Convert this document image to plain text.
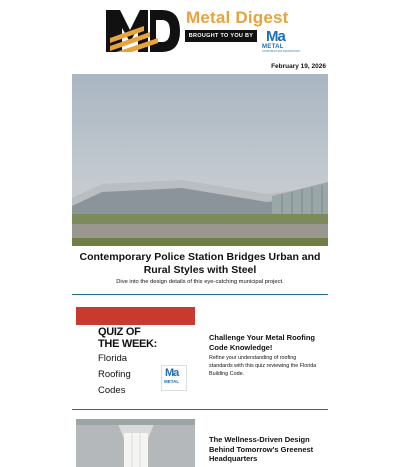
Metal Digest
BROUGHT TO YOU BY Ma
METAL
CONSTRUCTION ASSOCIATION
February 19, 2026
Contemporary Police Station Bridges Urban and Rural Styles with Steel
Dive into the design details of this eye-catching municipal project.
QUIZ OF
THE WEEK:
Florida
Roofing
Codes
Ma
METAL
Challenge Your Metal Roofing Code Knowledge!
Refine your understanding of roofing standards with this quiz reviewing the Florida Building Code.
The Wellness-Driven Design Behind Tomorrow's Greenest Headquarters
